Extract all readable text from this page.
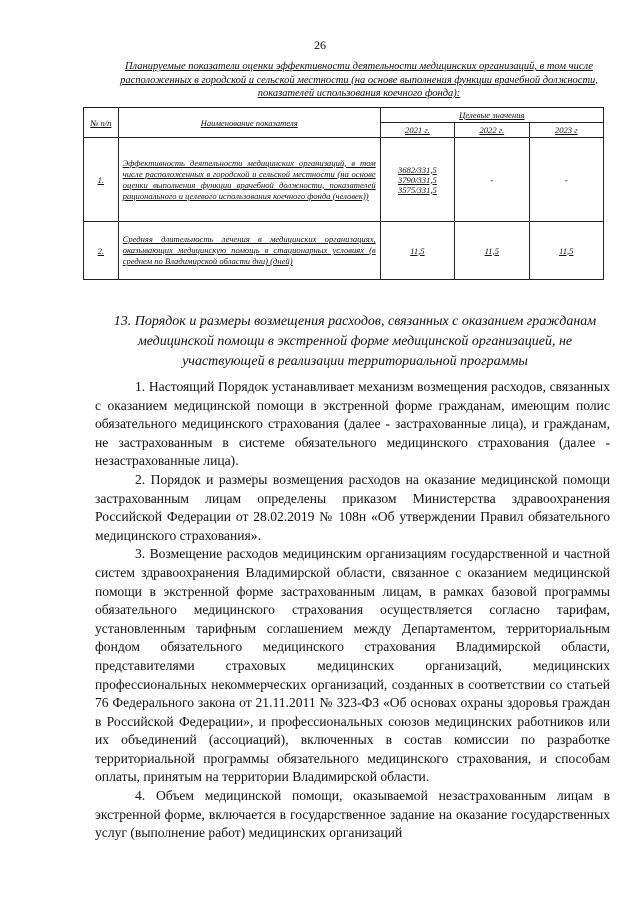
26
Планируемые показатели оценки эффективности деятельности медицинских организаций, в том числе расположенных в городской и сельской местности (на основе выполнения функции врачебной должности, показателей использования коечного фонда):
№ п/п	Наименование показателя	Целевые значения		
		2021 г.	2022 г.	2023 г
1.	Эффективность деятельности медицинских организаций, в том числе расположенных в городской и сельской местности (на основе оценки выполнения функции врачебной должности, показателей рационального и целевого использования коечного фонда (человек))	3682/331,5 3790/331,5 3575/331,5	-	-
2.	Средняя длительность лечения в медицинских организациях, оказывающих медицинскую помощь в стационарных условиях (в среднем по Владимирской области дни) (дней)	11,5	11,5	11,5
13. Порядок и размеры возмещения расходов, связанных с оказанием гражданам медицинской помощи в экстренной форме медицинской организацией, не участвующей в реализации территориальной программы

1. Настоящий Порядок устанавливает механизм возмещения расходов, связанных с оказанием медицинской помощи в экстренной форме гражданам, имеющим полис обязательного медицинского страхования (далее - застрахованные лица), и гражданам, не застрахованным в системе обязательного медицинского страхования (далее - незастрахованные лица).

2. Порядок и размеры возмещения расходов на оказание медицинской помощи застрахованным лицам определены приказом Министерства здравоохранения Российской Федерации от 28.02.2019 № 108н «Об утверждении Правил обязательного медицинского страхования».

3. Возмещение расходов медицинским организациям государственной и частной систем здравоохранения Владимирской области, связанное с оказанием медицинской помощи в экстренной форме застрахованным лицам, в рамках базовой программы обязательного медицинского страхования осуществляется согласно тарифам, установленным тарифным соглашением между Департаментом, территориальным фондом обязательного медицинского страхования Владимирской области, представителями страховых медицинских организаций, медицинских профессиональных некоммерческих организаций, созданных в соответствии со статьей 76 Федерального закона от 21.11.2011 № 323-ФЗ «Об основах охраны здоровья граждан в Российской Федерации», и профессиональных союзов медицинских работников или их объединений (ассоциаций), включенных в состав комиссии по разработке территориальной программы обязательного медицинского страхования, и способам оплаты, принятым на территории Владимирской области.

4. Объем медицинской помощи, оказываемой незастрахованным лицам в экстренной форме, включается в государственное задание на оказание государственных услуг (выполнение работ) медицинских организаций
